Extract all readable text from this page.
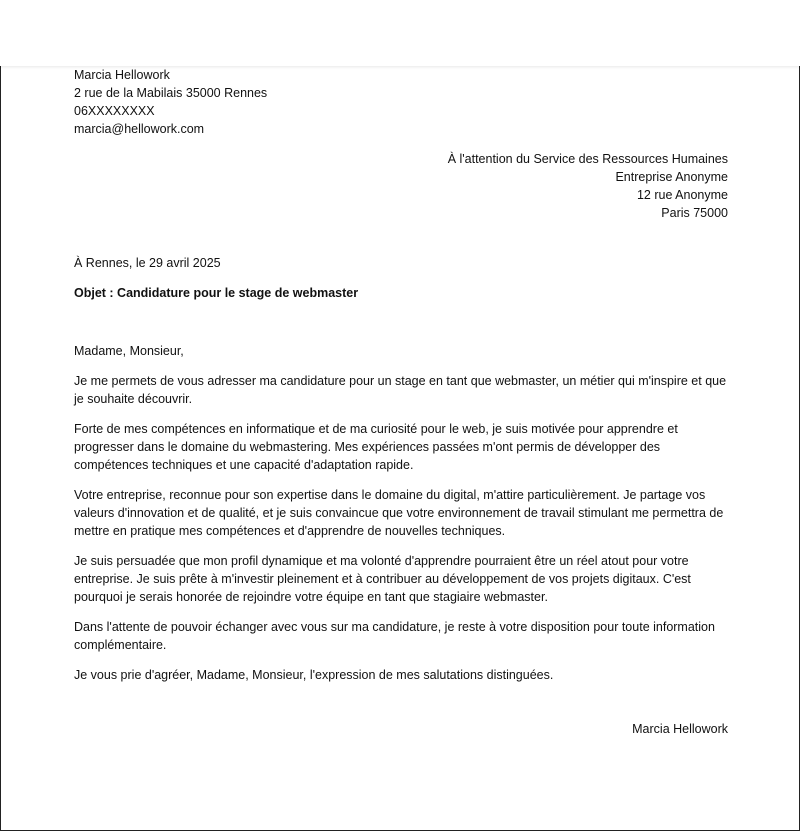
Marcia Hellowork
2 rue de la Mabilais 35000 Rennes
06XXXXXXXX
marcia@hellowork.com
À l'attention du Service des Ressources Humaines
Entreprise Anonyme
12 rue Anonyme
Paris 75000
À Rennes, le 29 avril 2025
Objet : Candidature pour le stage de webmaster
Madame, Monsieur,
Je me permets de vous adresser ma candidature pour un stage en tant que webmaster, un métier qui m'inspire et que je souhaite découvrir.
Forte de mes compétences en informatique et de ma curiosité pour le web, je suis motivée pour apprendre et progresser dans le domaine du webmastering. Mes expériences passées m'ont permis de développer des compétences techniques et une capacité d'adaptation rapide.
Votre entreprise, reconnue pour son expertise dans le domaine du digital, m'attire particulièrement. Je partage vos valeurs d'innovation et de qualité, et je suis convaincue que votre environnement de travail stimulant me permettra de mettre en pratique mes compétences et d'apprendre de nouvelles techniques.
Je suis persuadée que mon profil dynamique et ma volonté d'apprendre pourraient être un réel atout pour votre entreprise. Je suis prête à m'investir pleinement et à contribuer au développement de vos projets digitaux. C'est pourquoi je serais honorée de rejoindre votre équipe en tant que stagiaire webmaster.
Dans l'attente de pouvoir échanger avec vous sur ma candidature, je reste à votre disposition pour toute information complémentaire.
Je vous prie d'agréer, Madame, Monsieur, l'expression de mes salutations distinguées.
Marcia Hellowork
